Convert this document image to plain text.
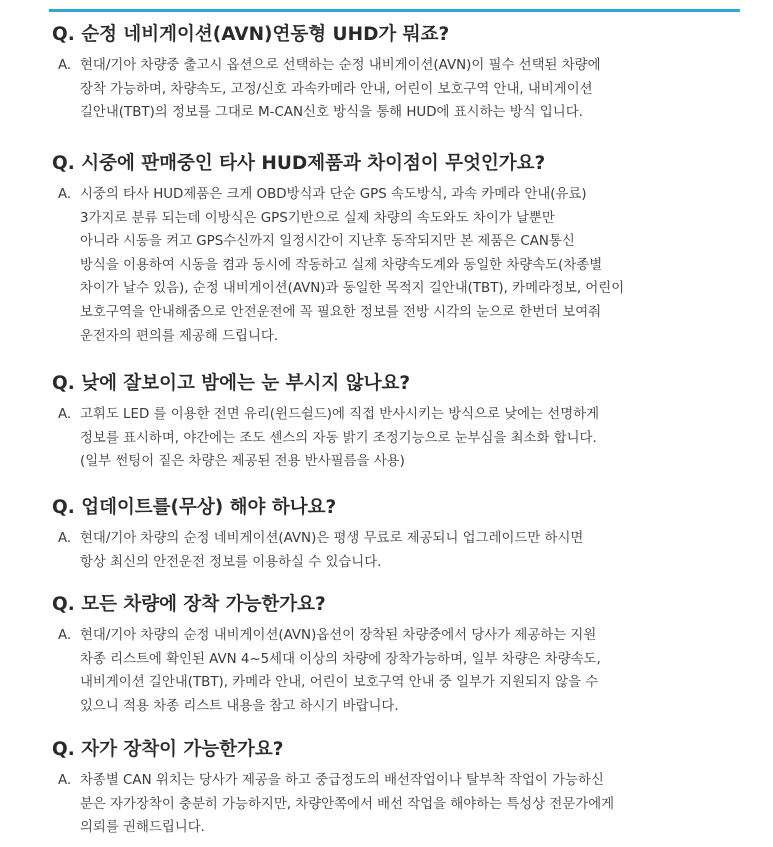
Q. 순정 네비게이션(AVN)연동형 UHD가 뭐죠?
A. 현대/기아 차량중 출고시 옵션으로 선택하는 순정 내비게이션(AVN)이 필수 선택된 차량에
장착 가능하며, 차량속도, 고정/신호 과속카메라 안내, 어린이 보호구역 안내, 내비게이션
길안내(TBT)의 정보를 그대로 M-CAN신호 방식을 통해 HUD에 표시하는 방식 입니다.
Q. 시중에 판매중인 타사 HUD제품과 차이점이 무엇인가요?
A. 시중의 타사 HUD제품은 크게 OBD방식과 단순 GPS 속도방식, 과속 카메라 안내(유료)
3가지로 분류 되는데 이방식은 GPS기반으로 실제 차량의 속도와도 차이가 날뿐만
아니라 시동을 켜고 GPS수신까지 일정시간이 지난후 동작되지만 본 제품은 CAN통신
방식을 이용하여 시동을 켬과 동시에 작동하고 실제 차량속도계와 동일한 차량속도(차종별
차이가 날수 있음), 순정 내비게이션(AVN)과 동일한 목적지 길안내(TBT), 카메라정보, 어린이
보호구역을 안내해줌으로 안전운전에 꼭 필요한 정보를 전방 시각의 눈으로 한번더 보여줘
운전자의 편의를 제공해 드립니다.
Q. 낮에 잘보이고 밤에는 눈 부시지 않나요?
A. 고휘도 LED 를 이용한 전면 유리(윈드쉴드)에 직접 반사시키는 방식으로 낮에는 선명하게
정보를 표시하며, 야간에는 조도 센스의 자동 밝기 조정기능으로 눈부심을 최소화 합니다.
(일부 썬팅이 짙은 차량은 제공된 전용 반사필름을 사용)
Q. 업데이트를(무상) 해야 하나요?
A. 현대/기아 차량의 순정 네비게이션(AVN)은 평생 무료로 제공되니 업그레이드만 하시면
항상 최신의 안전운전 정보를 이용하실 수 있습니다.
Q. 모든 차량에 장착 가능한가요?
A. 현대/기아 차량의 순정 내비게이션(AVN)옵션이 장착된 차량중에서 당사가 제공하는 지원
차종 리스트에 확인된 AVN 4~5세대 이상의 차량에 장착가능하며, 일부 차량은 차량속도,
내비게이션 길안내(TBT), 카메라 안내, 어린이 보호구역 안내 중 일부가 지원되지 않을 수
있으니 적용 차종 리스트 내용을 참고 하시기 바랍니다.
Q. 자가 장착이 가능한가요?
A. 차종별 CAN 위치는 당사가 제공을 하고 중급정도의 배선작업이나 탈부착 작업이 가능하신
분은 자가장착이 충분히 가능하지만, 차량안쪽에서 배선 작업을 해야하는 특성상 전문가에게
의뢰를 권해드립니다.
